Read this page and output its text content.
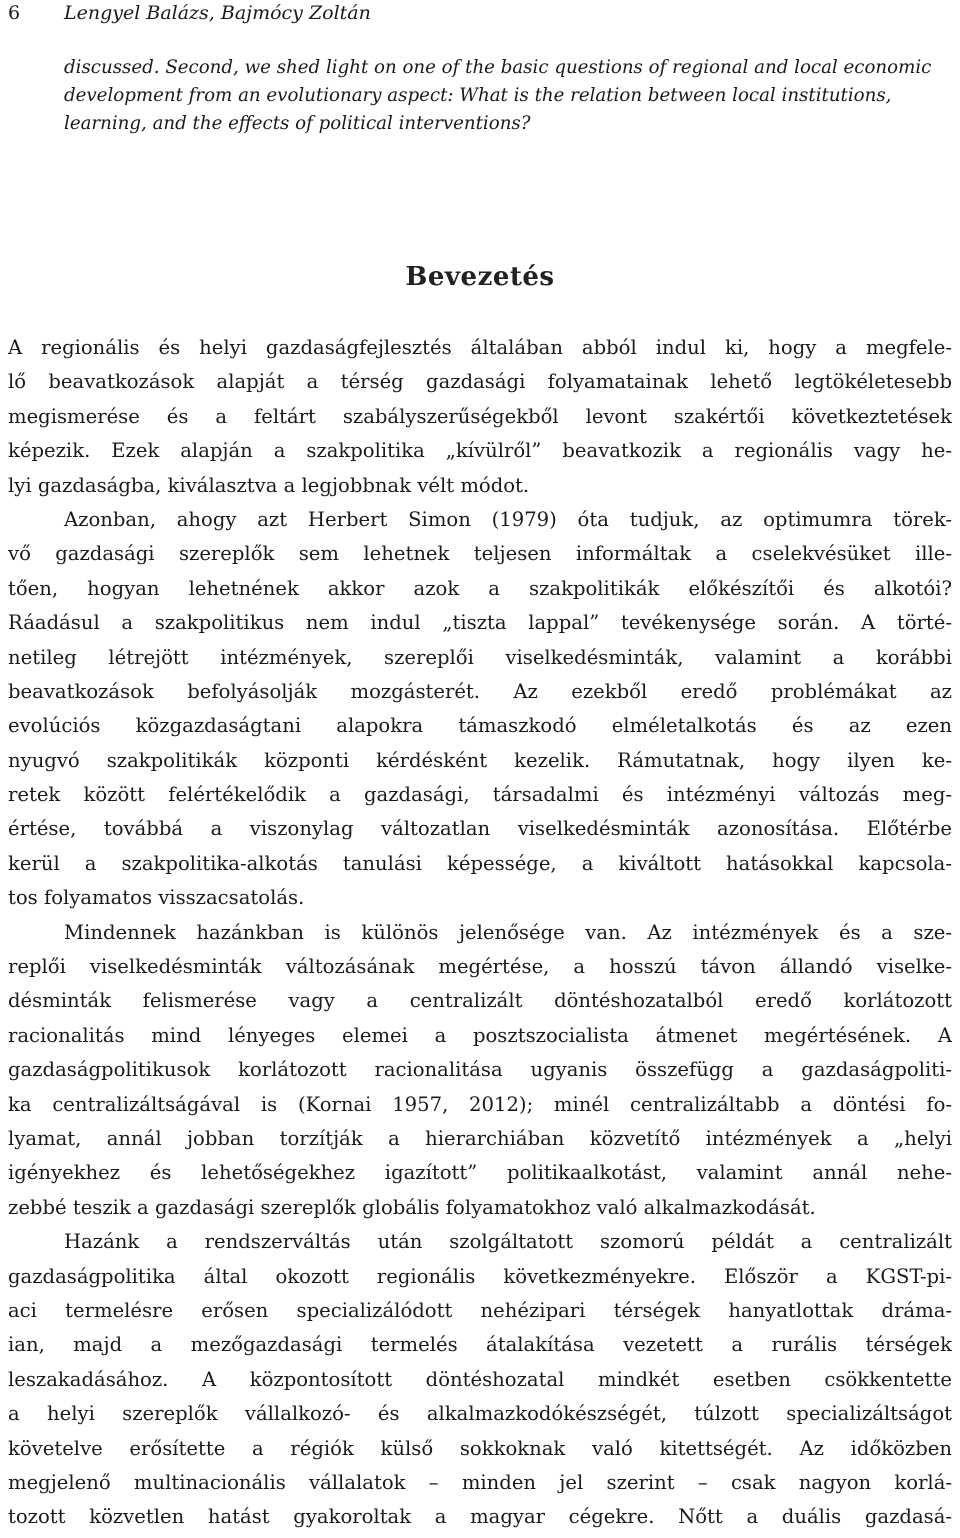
6 Lengyel Balázs, Bajmócy Zoltán
discussed. Second, we shed light on one of the basic questions of regional and local economic
development from an evolutionary aspect: What is the relation between local institutions,
learning, and the effects of political interventions?
Bevezetés
A regionális és helyi gazdaságfejlesztés általában abból indul ki, hogy a megfele-
lő beavatkozások alapját a térség gazdasági folyamatainak lehető legtökéletesebb
megismerése és a feltárt szabályszerűségekből levont szakértői következtetések
képezik. Ezek alapján a szakpolitika „kívülről” beavatkozik a regionális vagy he-
lyi gazdaságba, kiválasztva a legjobbnak vélt módot.
Azonban, ahogy azt Herbert Simon (1979) óta tudjuk, az optimumra törek-
vő gazdasági szereplők sem lehetnek teljesen informáltak a cselekvésüket ille-
tően, hogyan lehetnének akkor azok a szakpolitikák előkészítői és alkotói?
Ráadásul a szakpolitikus nem indul „tiszta lappal” tevékenysége során. A törté-
netileg létrejött intézmények, szereplői viselkedésminták, valamint a korábbi
beavatkozások befolyásolják mozgásterét. Az ezekből eredő problémákat az
evolúciós közgazdaságtani alapokra támaszkodó elméletalkotás és az ezen
nyugvó szakpolitikák központi kérdésként kezelik. Rámutatnak, hogy ilyen ke-
retek között felértékelődik a gazdasági, társadalmi és intézményi változás meg-
értése, továbbá a viszonylag változatlan viselkedésminták azonosítása. Előtérbe
kerül a szakpolitika-alkotás tanulási képessége, a kiváltott hatásokkal kapcsola-
tos folyamatos visszacsatolás.
Mindennek hazánkban is különös jelenősége van. Az intézmények és a sze-
replői viselkedésminták változásának megértése, a hosszú távon állandó viselke-
désminták felismerése vagy a centralizált döntéshozatalból eredő korlátozott
racionalitás mind lényeges elemei a posztszocialista átmenet megértésének. A
gazdaságpolitikusok korlátozott racionalitása ugyanis összefügg a gazdaságpoliti-
ka centralizáltságával is (Kornai 1957, 2012); minél centralizáltabb a döntési fo-
lyamat, annál jobban torzítják a hierarchiában közvetítő intézmények a „helyi
igényekhez és lehetőségekhez igazított” politikaalkotást, valamint annál nehe-
zebbé teszik a gazdasági szereplők globális folyamatokhoz való alkalmazkodását.
Hazánk a rendszerváltás után szolgáltatott szomorú példát a centralizált
gazdaságpolitika által okozott regionális következményekre. Először a KGST-pi-
aci termelésre erősen specializálódott nehézipari térségek hanyatlottak drámа-
ian, majd a mezőgazdasági termelés átalakítása vezetett a rurális térségek
leszakadásához. A központosított döntéshozatal mindkét esetben csökkentette
a helyi szereplők vállalkozó- és alkalmazkodókészségét, túlzott specializáltságot
követelve erősítette a régiók külső sokkoknak való kitettségét. Az időközben
megjelenő multinacionális vállalatok – minden jel szerint – csak nagyon korlá-
tozott közvetlen hatást gyakoroltak a magyar cégekre. Nőtt a duális gazdasá-
